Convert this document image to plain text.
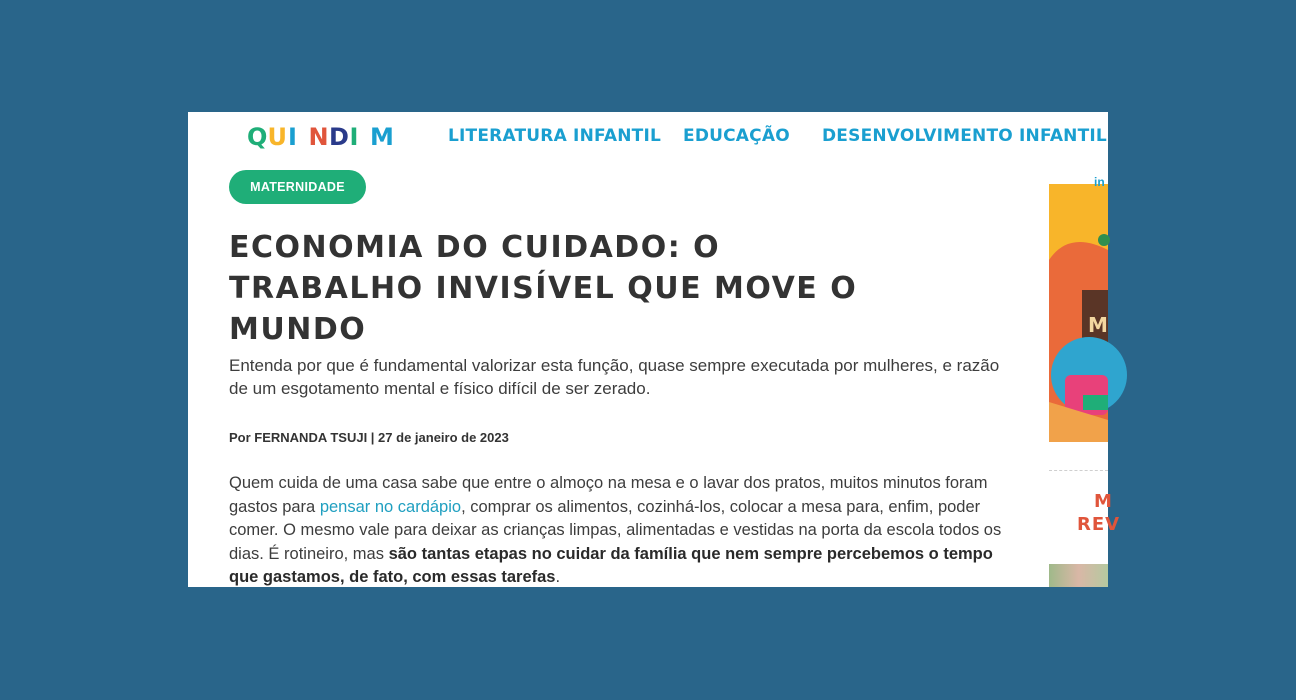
Q U I N D I M	LITERATURA INFANTIL EDUCAÇÃO DESENVOLVIMENTO INFANTIL
MATERNIDADE
ECONOMIA DO CUIDADO: O TRABALHO INVISÍVEL QUE MOVE O MUNDO

Entenda por que é fundamental valorizar esta função, quase sempre executada por mulheres, e razão de um esgotamento mental e físico difícil de ser zerado.

Por FERNANDA TSUJI | 27 de janeiro de 2023

Quem cuida de uma casa sabe que entre o almoço na mesa e o lavar dos pratos, muitos minutos foram gastos para pensar no cardápio, comprar os alimentos, cozinhá-los, colocar a mesa para, enfim, poder comer. O mesmo vale para deixar as crianças limpas, alimentadas e vestidas na porta da escola todos os dias. É rotineiro, mas são tantas etapas no cuidar da família que nem sempre percebemos o tempo que gastamos, de fato, com essas tarefas.

in
M
M
REV
